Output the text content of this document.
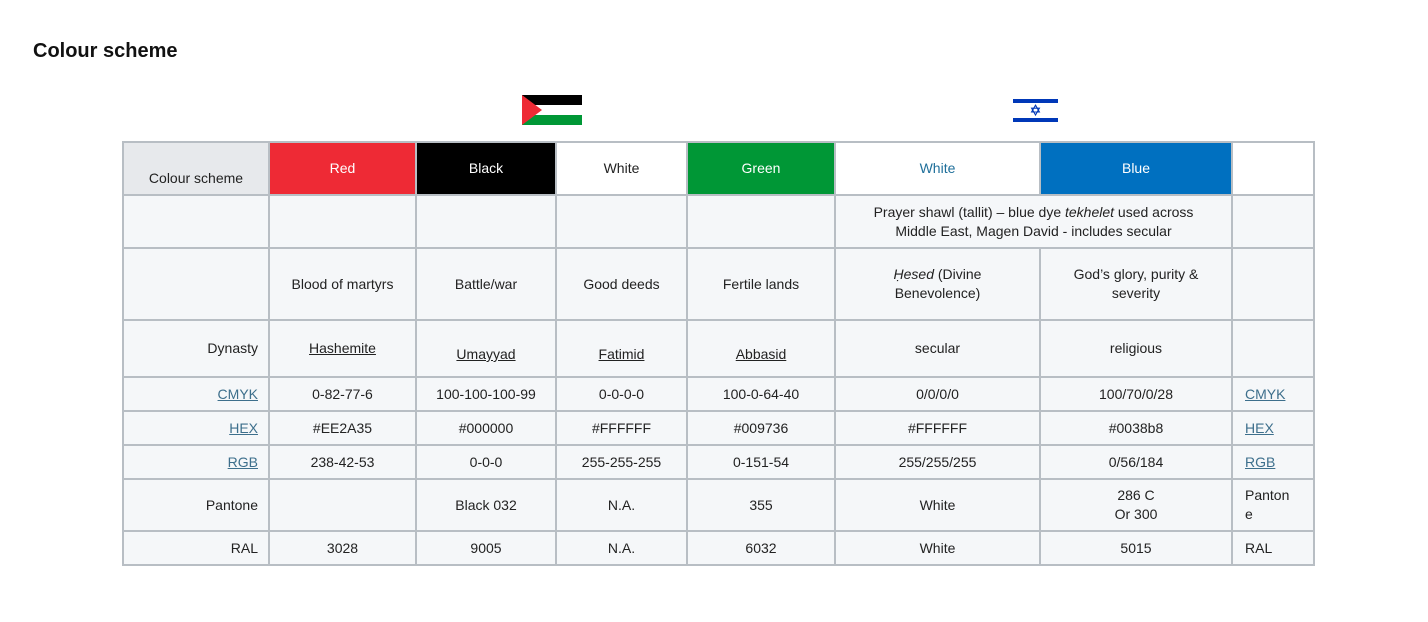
Colour scheme
Colour scheme	Red	Black	White	Green	White	Blue	
					Prayer shawl (tallit) – blue dye tekhelet used across
Middle East, Magen David - includes secular		
	Blood of martyrs	Battle/war	Good deeds	Fertile lands	Ḥesed (Divine
Benevolence)	God’s glory, purity &
severity	
Dynasty	Hashemite	Umayyad	Fatimid	Abbasid	secular	religious	
CMYK	0-82-77-6	100-100-100-99	0-0-0-0	100-0-64-40	0/0/0/0	100/70/0/28	CMYK
HEX	#EE2A35	#000000	#FFFFFF	#009736	#FFFFFF	#0038b8	HEX
RGB	238-42-53	0-0-0	255-255-255	0-151-54	255/255/255	0/56/184	RGB
Pantone		Black 032	N.A.	355	White	286 C
Or 300	Panton
e
RAL	3028	9005	N.A.	6032	White	5015	RAL
